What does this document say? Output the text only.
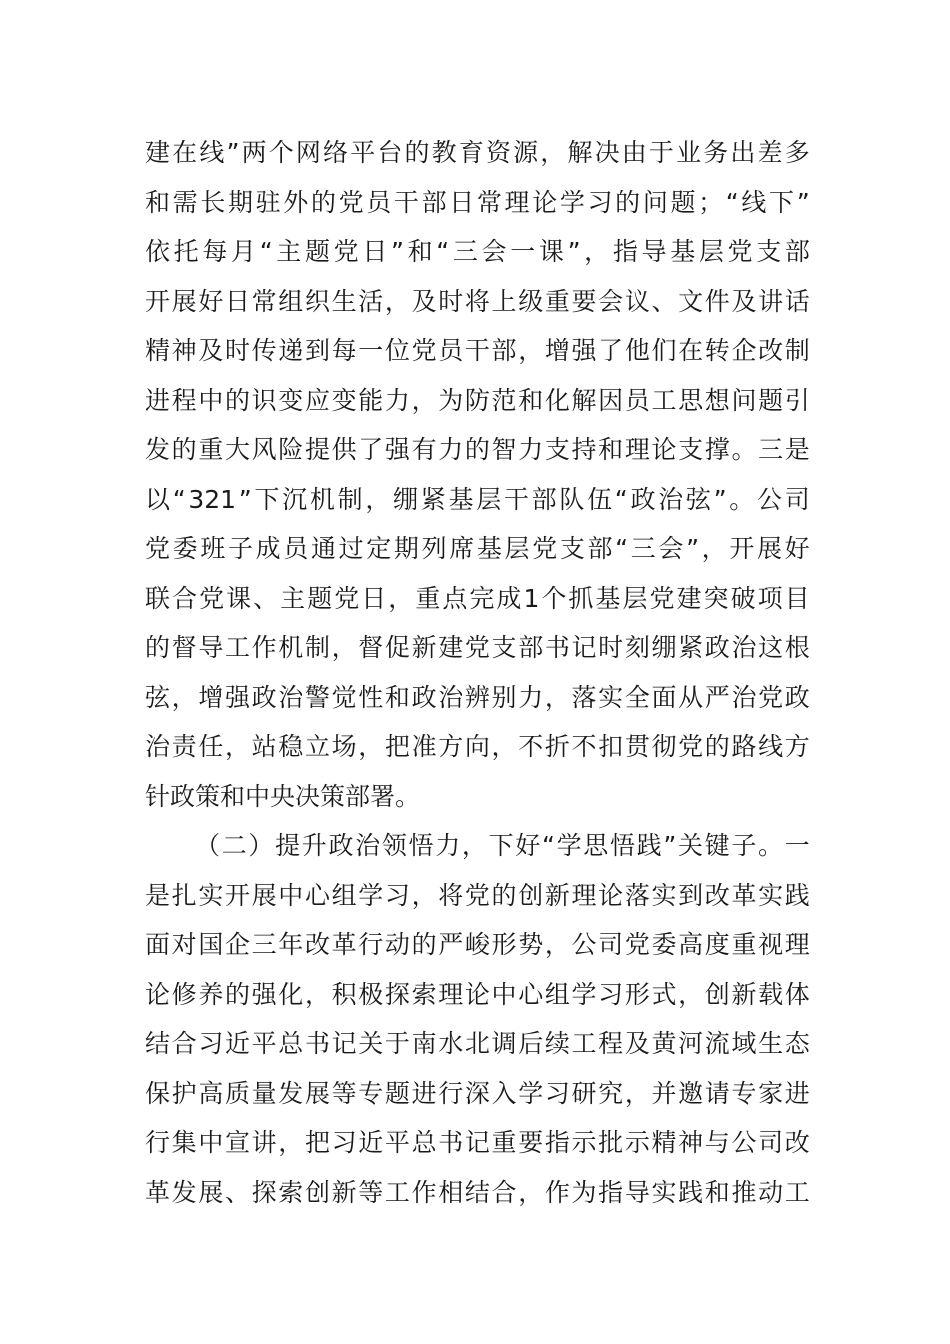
建 在 线 ” 两 个 网 络 平 台 的 教 育 资 源 ， 解 决 由 于 业 务 出 差 多
和 需 长 期 驻 外 的 党 员 干 部 日 常 理 论 学 习 的 问 题 ； “ 线 下 ”
依 托 每 月 “ 主 题 党 日 ” 和 “ 三 会 一 课 ” ， 指 导 基 层 党 支 部
开 展 好 日 常 组 织 生 活 ， 及 时 将 上 级 重 要 会 议 、 文 件 及 讲 话
精 神 及 时 传 递 到 每 一 位 党 员 干 部 ， 增 强 了 他 们 在 转 企 改 制
进 程 中 的 识 变 应 变 能 力 ， 为 防 范 和 化 解 因 员 工 思 想 问 题 引
发 的 重 大 风 险 提 供 了 强 有 力 的 智 力 支 持 和 理 论 支 撑 。 三 是
以 “ 321 ” 下 沉 机 制 ， 绷 紧 基 层 干 部 队 伍 “ 政 治 弦 ” 。 公 司
党 委 班 子 成 员 通 过 定 期 列 席 基 层 党 支 部 “ 三 会 ” ， 开 展 好
联 合 党 课 、 主 题 党 日 ， 重 点 完 成 1 个 抓 基 层 党 建 突 破 项 目
的 督 导 工 作 机 制 ， 督 促 新 建 党 支 部 书 记 时 刻 绷 紧 政 治 这 根
弦 ， 增 强 政 治 警 觉 性 和 政 治 辨 别 力 ， 落 实 全 面 从 严 治 党 政
治 责 任 ， 站 稳 立 场 ， 把 准 方 向 ， 不 折 不 扣 贯 彻 党 的 路 线 方
针政策和中央决策部署。
（ 二 ） 提 升 政 治 领 悟 力 ， 下 好 “ 学 思 悟 践 ” 关 键 子 。 一
是 扎 实 开 展 中 心 组 学 习 ， 将 党 的 创 新 理 论 落 实 到 改 革 实 践
面 对 国 企 三 年 改 革 行 动 的 严 峻 形 势 ， 公 司 党 委 高 度 重 视 理
论 修 养 的 强 化 ， 积 极 探 索 理 论 中 心 组 学 习 形 式 ， 创 新 载 体
结 合 习 近 平 总 书 记 关 于 南 水 北 调 后 续 工 程 及 黄 河 流 域 生 态
保 护 高 质 量 发 展 等 专 题 进 行 深 入 学 习 研 究 ， 并 邀 请 专 家 进
行 集 中 宣 讲 ， 把 习 近 平 总 书 记 重 要 指 示 批 示 精 神 与 公 司 改
革 发 展 、 探 索 创 新 等 工 作 相 结 合 ， 作 为 指 导 实 践 和 推 动 工
